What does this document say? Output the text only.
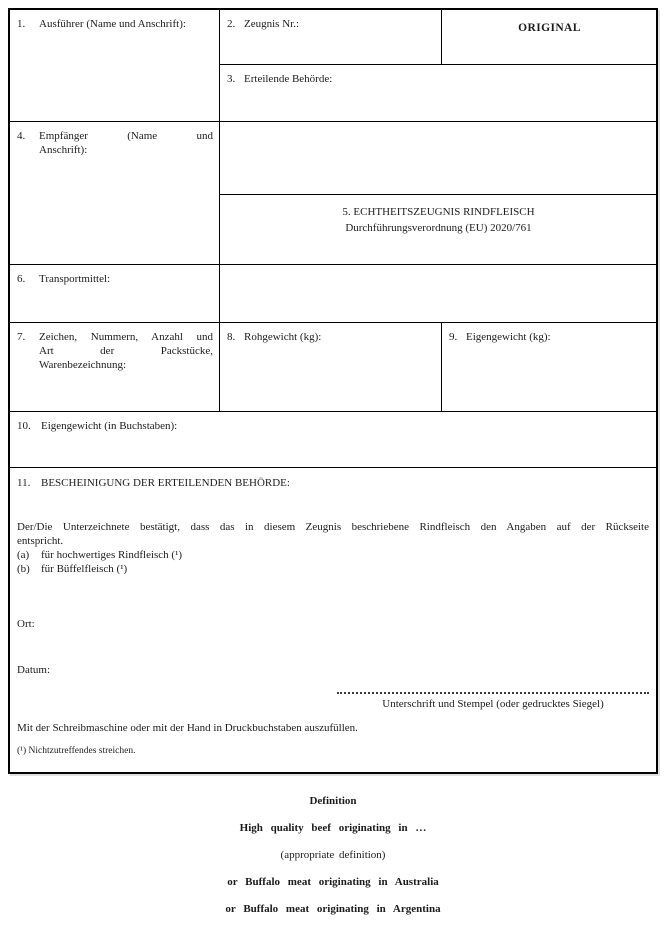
1.	Ausführer (Name und Anschrift):	2. Zeugnis Nr.:	ORIGINAL
3. Erteilende Behörde:
4.	Empfänger (Name und
Anschrift):
5. ECHTHEITSZEUGNIS RINDFLEISCH
Durchführungsverordnung (EU) 2020/761
6.	Transportmittel:
7.	Zeichen, Nummern, Anzahl und
Art der Packstücke,
Warenbezeichnung:
8. Rohgewicht (kg):	9. Eigengewicht (kg):
10. Eigengewicht (in Buchstaben):
11. BESCHEINIGUNG DER ERTEILENDEN BEHÖRDE:
Der/Die Unterzeichnete bestätigt, dass das in diesem Zeugnis beschriebene Rindfleisch den Angaben auf der Rückseite
entspricht.
(a)	für hochwertiges Rindfleisch (¹)
(b)	für Büffelfleisch (¹)
Ort:
Datum:
Unterschrift und Stempel (oder gedrucktes Siegel)
Mit der Schreibmaschine oder mit der Hand in Druckbuchstaben auszufüllen.
(¹) Nichtzutreffendes streichen.
Definition
High quality beef originating in …
(appropriate definition)
or Buffalo meat originating in Australia
or Buffalo meat originating in Argentina
